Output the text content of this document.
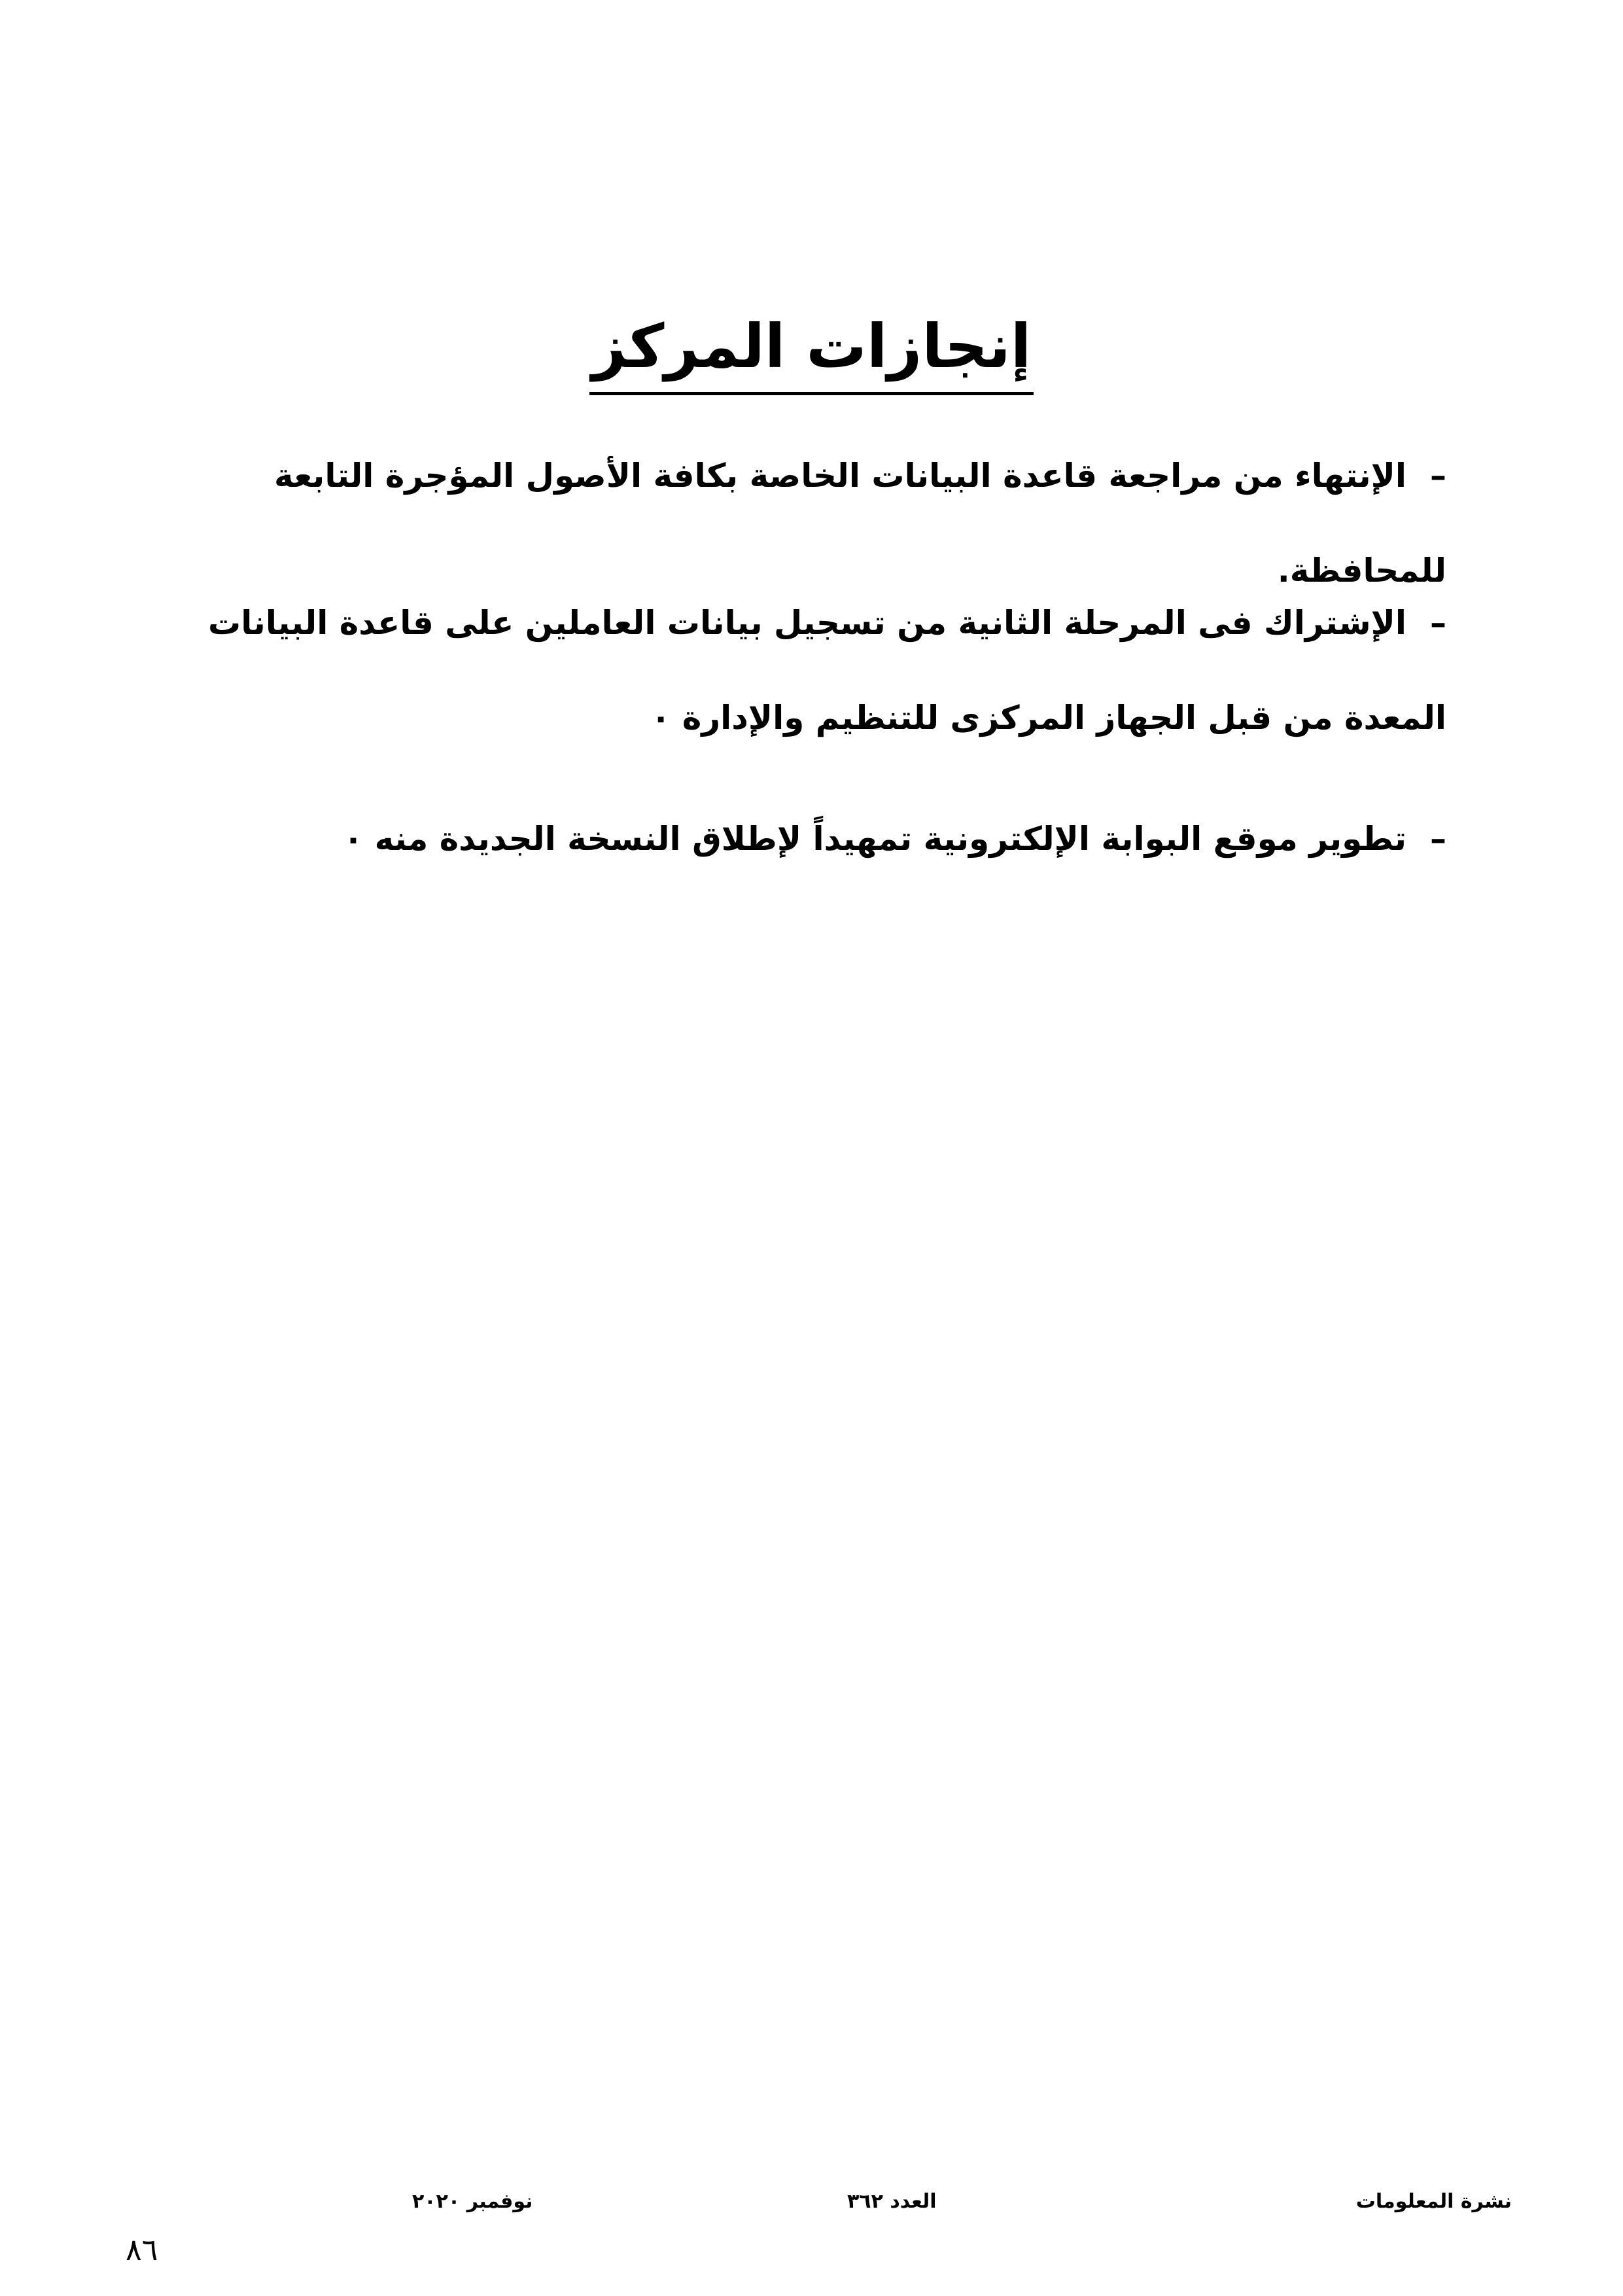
إنجازات المركز

–الإنتهاء من مراجعة قاعدة البيانات الخاصة بكافة الأصول المؤجرة التابعة للمحافظة.

–الإشتراك فى المرحلة الثانية من تسجيل بيانات العاملين على قاعدة البيانات المعدة من قبل الجهاز المركزى للتنظيم والإدارة ٠

–تطوير موقع البوابة الإلكترونية تمهيداً لإطلاق النسخة الجديدة منه ٠

نشرة المعلومات
العدد ٣٦٢
نوفمبر ٢٠٢٠
٨٦
